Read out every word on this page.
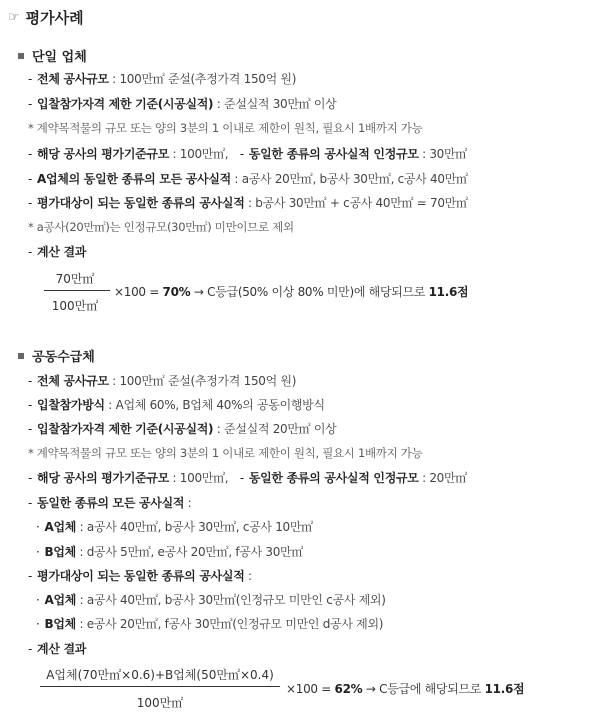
☞ 평가사례
단일 업체
- 전체 공사규모 : 100만㎡ 준설(추정가격 150억 원)
- 입찰참가자격 제한 기준(시공실적) : 준설실적 30만㎡ 이상
* 계약목적물의 규모 또는 양의 3분의 1 이내로 제한이 원칙, 필요시 1배까지 가능
- 해당 공사의 평가기준규모 : 100만㎡, - 동일한 종류의 공사실적 인정규모 : 30만㎡
- A업체의 동일한 종류의 모든 공사실적 : a공사 20만㎡, b공사 30만㎡, c공사 40만㎡
- 평가대상이 되는 동일한 종류의 공사실적 : b공사 30만㎡ + c공사 40만㎡ = 70만㎡
* a공사(20만㎡)는 인정규모(30만㎡) 미만이므로 제외
- 계산 결과
70만㎡
100만㎡
×100 = 70% → C등급(50% 이상 80% 미만)에 해당되므로 11.6점
공동수급체
- 전체 공사규모 : 100만㎡ 준설(추정가격 150억 원)
- 입찰참가방식 : A업체 60%, B업체 40%의 공동이행방식
- 입찰참가자격 제한 기준(시공실적) : 준설실적 20만㎡ 이상
* 계약목적물의 규모 또는 양의 3분의 1 이내로 제한이 원칙, 필요시 1배까지 가능
- 해당 공사의 평가기준규모 : 100만㎡, - 동일한 종류의 공사실적 인정규모 : 20만㎡
- 동일한 종류의 모든 공사실적 :
· A업체 : a공사 40만㎡, b공사 30만㎡, c공사 10만㎡
· B업체 : d공사 5만㎡, e공사 20만㎡, f공사 30만㎡
- 평가대상이 되는 동일한 종류의 공사실적 :
· A업체 : a공사 40만㎡, b공사 30만㎡(인정규모 미만인 c공사 제외)
· B업체 : e공사 20만㎡, f공사 30만㎡(인정규모 미만인 d공사 제외)
- 계산 결과
A업체(70만㎡×0.6)+B업체(50만㎡×0.4)
100만㎡
×100 = 62% → C등급에 해당되므로 11.6점
